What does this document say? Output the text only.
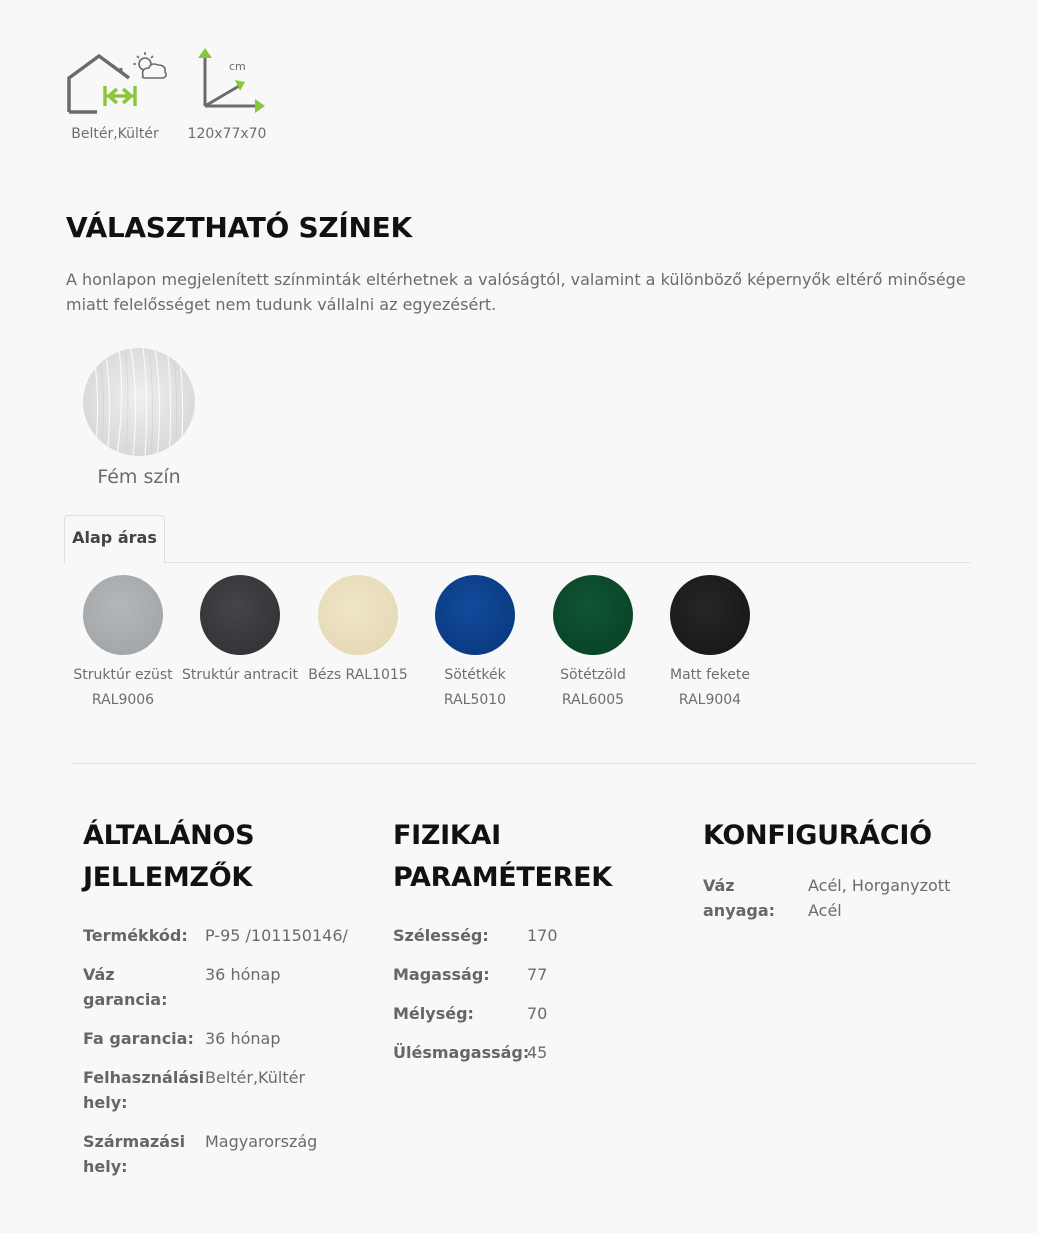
Beltér,Kültér
cm
120x77x70
VÁLASZTHATÓ SZÍNEK

A honlapon megjelenített színminták eltérhetnek a valóságtól, valamint a különböző képernyők eltérő minősége miatt felelősséget nem tudunk vállalni az egyezésért.

Fém szín
Alap áras
Struktúr ezüst RAL9006
Struktúr antracit Bézs RAL1015	Sötétkék RAL5010
Sötétzöld RAL6005
Matt fekete RAL9004
ÁLTALÁNOS JELLEMZŐK
Termékkód:	P-95 /101150146/
Váz garancia:
36 hónap
Fa garancia: 36 hónap
Felhasználási hely:
Beltér,Kültér
Származási hely:
Magyarország
FIZIKAI PARAMÉTEREK
Szélesség:	170
Magasság:	77
Mélység:	70
Ülésmagasság:
45
KONFIGURÁCIÓ
Váz anyaga:
Acél, Horganyzott Acél
